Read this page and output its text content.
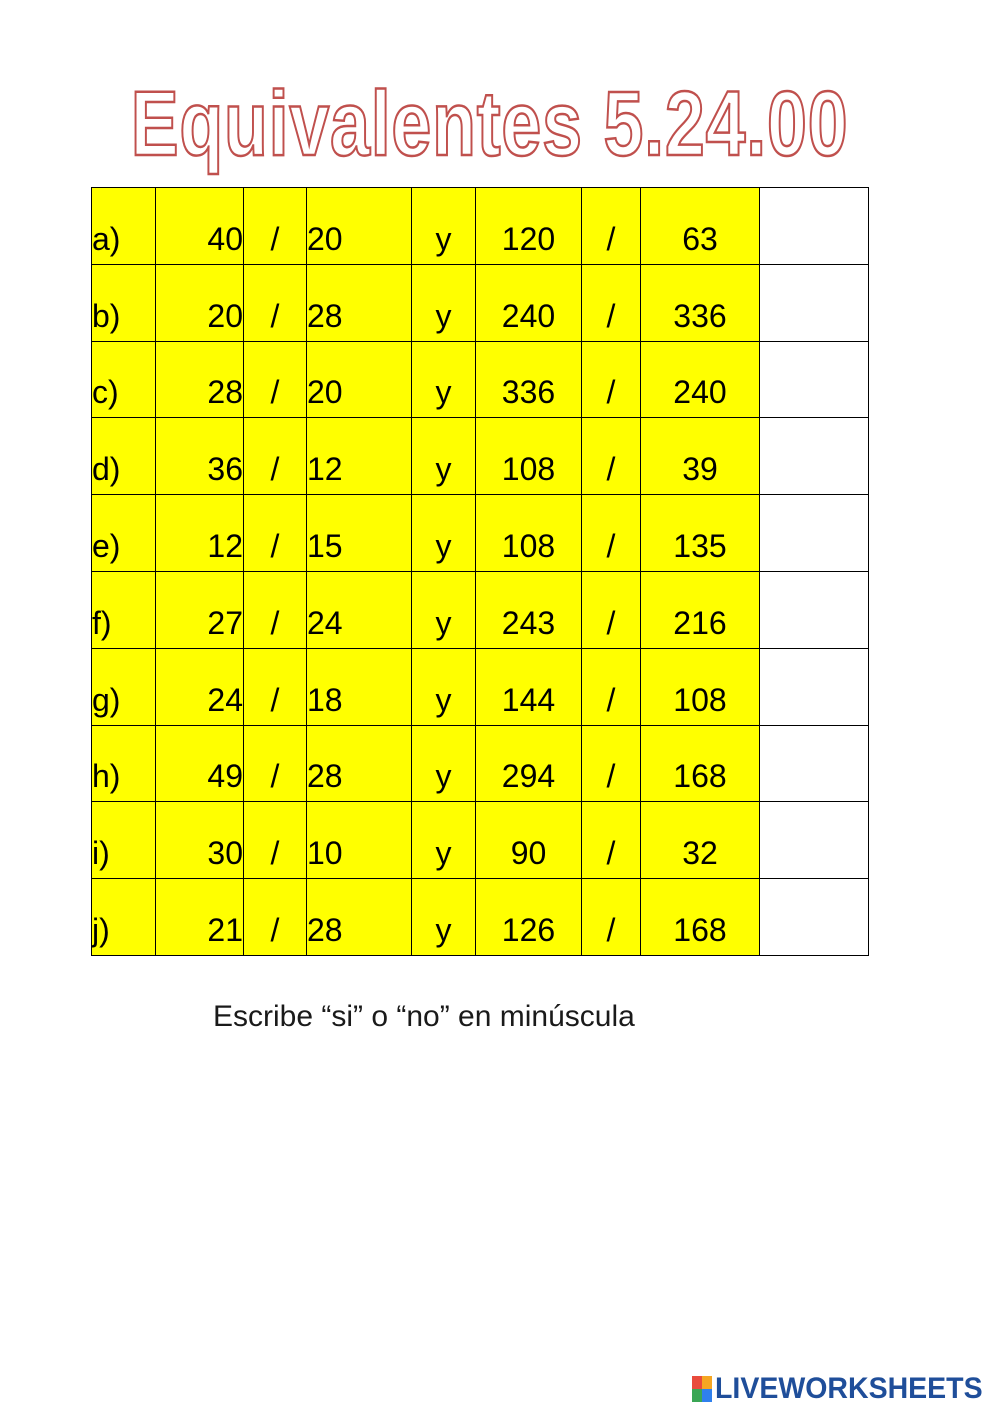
Equivalentes 5.24.00
a)	40	/	20	y	120	/	63	
b)	20	/	28	y	240	/	336	
c)	28	/	20	y	336	/	240	
d)	36	/	12	y	108	/	39	
e)	12	/	15	y	108	/	135	
f)	27	/	24	y	243	/	216	
g)	24	/	18	y	144	/	108	
h)	49	/	28	y	294	/	168	
i)	30	/	10	y	90	/	32	
j)	21	/	28	y	126	/	168	
Escribe “si” o “no” en minúscula
LIVEWORKSHEETS
